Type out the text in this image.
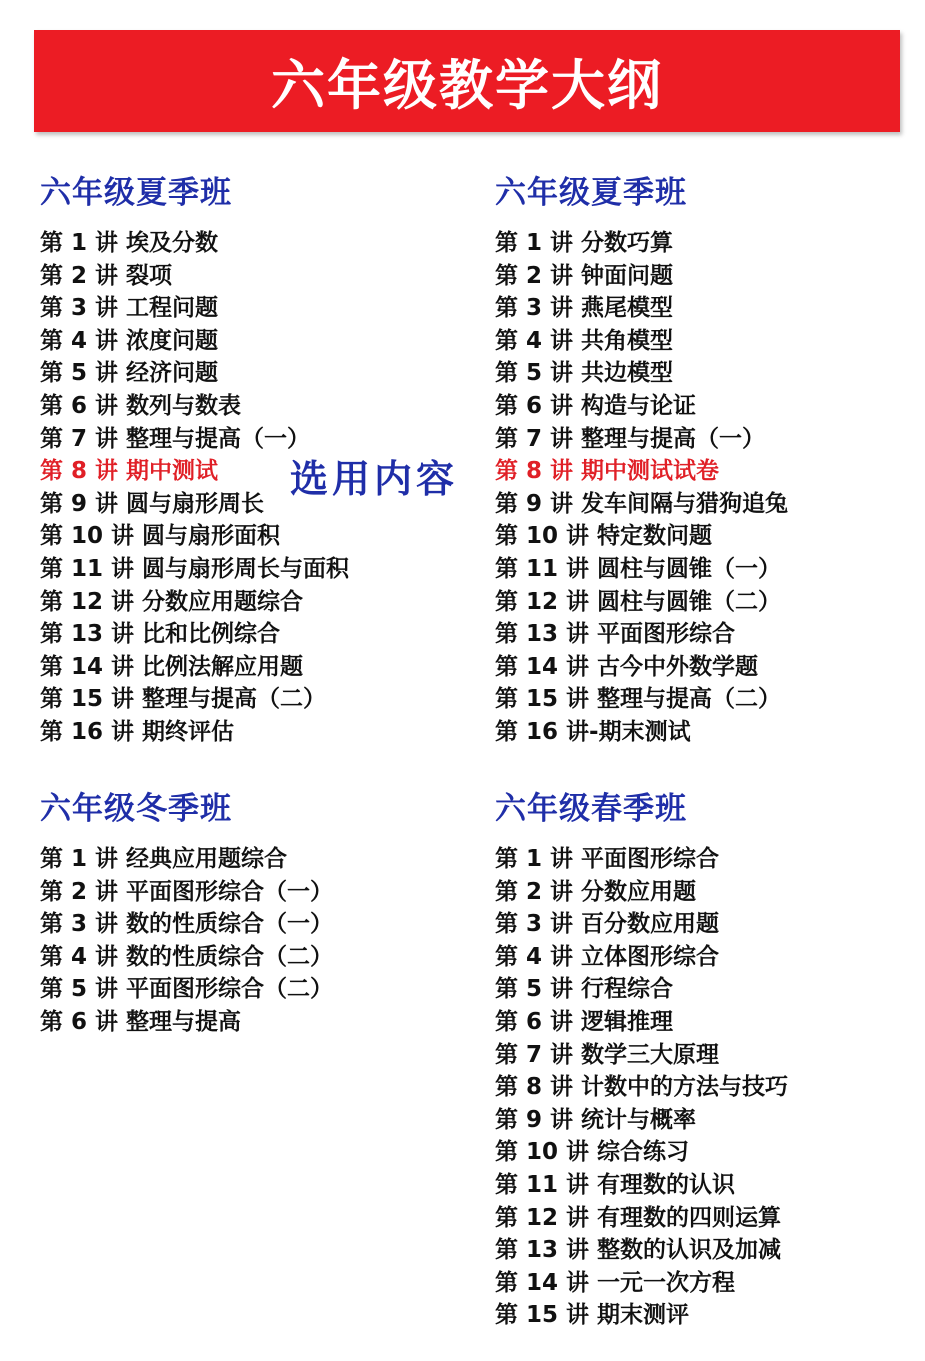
六年级教学大纲
六年级夏季班
第 1 讲 埃及分数
第 2 讲 裂项
第 3 讲 工程问题
第 4 讲 浓度问题
第 5 讲 经济问题
第 6 讲 数列与数表
第 7 讲 整理与提高（一）
第 8 讲 期中测试
第 9 讲 圆与扇形周长
第 10 讲 圆与扇形面积
第 11 讲 圆与扇形周长与面积
第 12 讲 分数应用题综合
第 13 讲 比和比例综合
第 14 讲 比例法解应用题
第 15 讲 整理与提高（二）
第 16 讲 期终评估
六年级夏季班
第 1 讲 分数巧算
第 2 讲 钟面问题
第 3 讲 燕尾模型
第 4 讲 共角模型
第 5 讲 共边模型
第 6 讲 构造与论证
第 7 讲 整理与提高（一）
第 8 讲 期中测试试卷
第 9 讲 发车间隔与猎狗追兔
第 10 讲 特定数问题
第 11 讲 圆柱与圆锥（一）
第 12 讲 圆柱与圆锥（二）
第 13 讲 平面图形综合
第 14 讲 古今中外数学题
第 15 讲 整理与提高（二）
第 16 讲-期末测试
六年级冬季班
第 1 讲 经典应用题综合
第 2 讲 平面图形综合（一）
第 3 讲 数的性质综合（一）
第 4 讲 数的性质综合（二）
第 5 讲 平面图形综合（二）
第 6 讲 整理与提高
六年级春季班
第 1 讲 平面图形综合
第 2 讲 分数应用题
第 3 讲 百分数应用题
第 4 讲 立体图形综合
第 5 讲 行程综合
第 6 讲 逻辑推理
第 7 讲 数学三大原理
第 8 讲 计数中的方法与技巧
第 9 讲 统计与概率
第 10 讲 综合练习
第 11 讲 有理数的认识
第 12 讲 有理数的四则运算
第 13 讲 整数的认识及加减
第 14 讲 一元一次方程
第 15 讲 期末测评
选用内容
